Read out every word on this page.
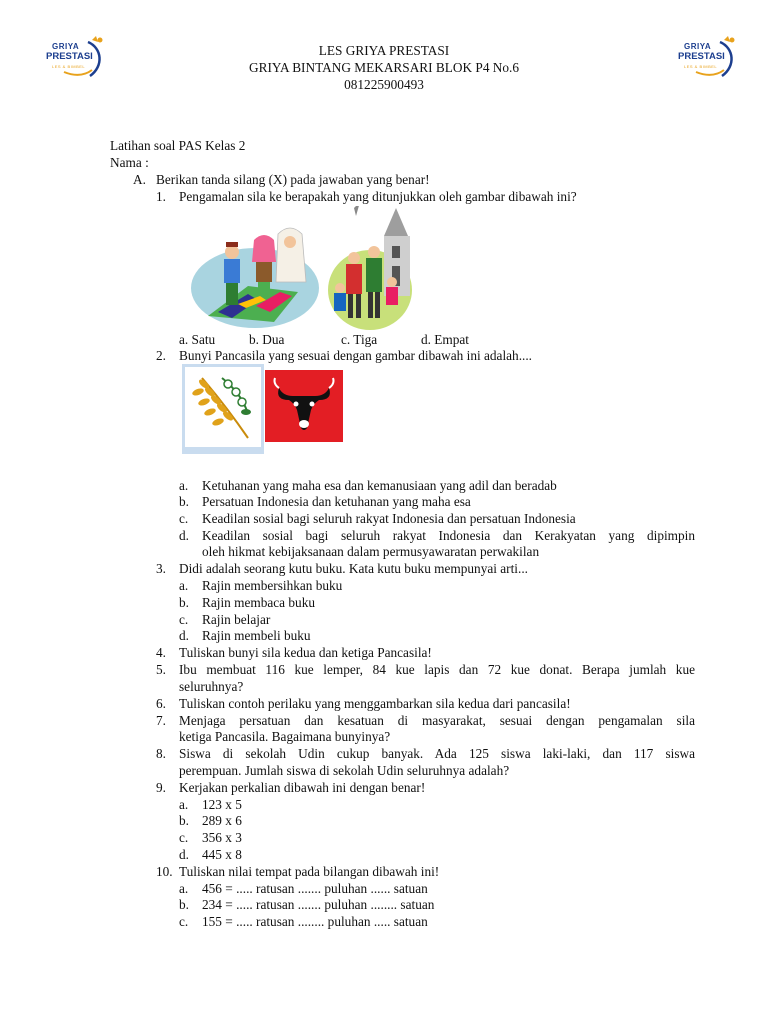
GRIYA
PRESTASI
LES & BIMBEL
GRIYA
PRESTASI
LES & BIMBEL
LES GRIYA PRESTASI
GRIYA BINTANG MEKARSARI BLOK P4 No.6
081225900493
Latihan soal PAS Kelas 2
Nama :
A. Berikan tanda silang (X) pada jawaban yang benar!
1. Pengamalan sila ke berapakah yang ditunjukkan oleh gambar dibawah ini?
a. Satu	b. Dua	c. Tiga	d. Empat
2. Bunyi Pancasila yang sesuai dengan gambar dibawah ini adalah....
a. Ketuhanan yang maha esa dan kemanusiaan yang adil dan beradab
b. Persatuan Indonesia dan ketuhanan yang maha esa
c. Keadilan sosial bagi seluruh rakyat Indonesia dan persatuan Indonesia
d. Keadilan sosial bagi seluruh rakyat Indonesia dan Kerakyatan yang dipimpin
oleh hikmat kebijaksanaan dalam permusyawaratan perwakilan
3. Didi adalah seorang kutu buku. Kata kutu buku mempunyai arti...
a. Rajin membersihkan buku
b. Rajin membaca buku
c. Rajin belajar
d. Rajin membeli buku
4. Tuliskan bunyi sila kedua dan ketiga Pancasila!
5. Ibu membuat 116 kue lemper, 84 kue lapis dan 72 kue donat. Berapa jumlah kue
seluruhnya?
6. Tuliskan contoh perilaku yang menggambarkan sila kedua dari pancasila!
7. Menjaga persatuan dan kesatuan di masyarakat, sesuai dengan pengamalan sila
ketiga Pancasila. Bagaimana bunyinya?
8. Siswa di sekolah Udin cukup banyak. Ada 125 siswa laki-laki, dan 117 siswa
perempuan. Jumlah siswa di sekolah Udin seluruhnya adalah?
9. Kerjakan perkalian dibawah ini dengan benar!
a. 123 x 5
b. 289 x 6
c. 356 x 3
d. 445 x 8
10. Tuliskan nilai tempat pada bilangan dibawah ini!
a. 456 = ..... ratusan ....... puluhan ...... satuan
b. 234 = ..... ratusan ....... puluhan ........ satuan
c. 155 = ..... ratusan ........ puluhan ..... satuan
